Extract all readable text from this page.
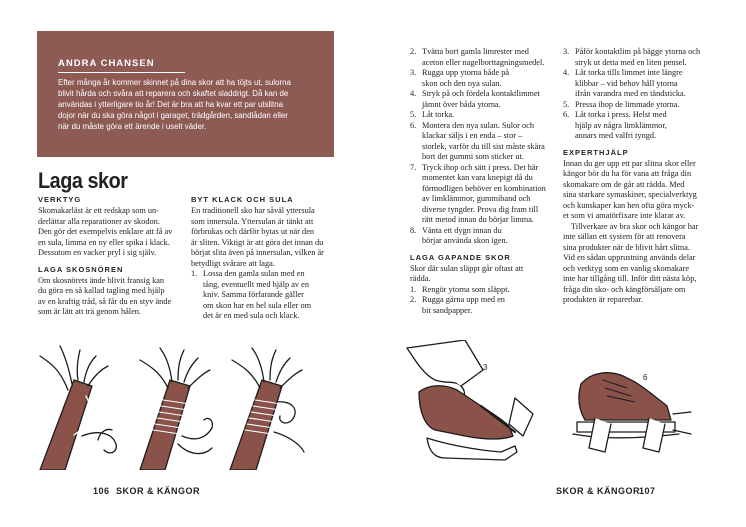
ANDRA CHANSEN
Efter många år kommer skinnet på dina skor att ha töjts ut, sulorna
blivit hårda och svåra att reparera och skaftet sladdrigt. Då kan de
användas i ytterligare tio år! Det är bra att ha kvar ett par utslitna
dojor när du ska göra något i garaget, trädgården, sandlådan eller
när du måste göra ett ärende i uselt väder.
Laga skor
VERKTYG
Skomakarläst är ett redskap som un-
derlättar alla reparationer av skodon.
Den gör det exempelvis enklare att få av
en sula, limma en ny eller spika i klack.
Dessutom en vacker pryl i sig själv.
LAGA SKOSNÖREN
Om skosnörets ände blivit fransig kan
du göra en så kallad tagling med hjälp
av en kraftig tråd, så får du en styv ände
som är lätt att trä genom hålen.
BYT KLACK OCH SULA
En traditionell sko har såväl yttersula
som innersula. Yttersulan är tänkt att
förbrukas och därför bytas ut när den
är sliten. Viktigt är att göra det innan du
börjat slita även på innersulan, vilken är
betydligt svårare att laga.
1. Lossa den gamla sulan med en
tång, eventuellt med hjälp av en
kniv. Samma förfarande gäller
om skon har en hel sula eller om
det är en med sula och klack.
2. Tvätta bort gamla limrester med
aceton eller nagelborttagningsmedel.
3. Rugga upp ytorna både på
skon och den nya sulan.
4. Stryk på och fördela kontaktlimmet
jämnt över båda ytorna.
5. Låt torka.
6. Montera den nya sulan. Sulor och
klackar säljs i en enda – stor –
storlek, varför du till sist måste skära
bort det gummi som sticker ut.
7. Tryck ihop och sätt i press. Det här
momentet kan vara knepigt då du
förmodligen behöver en kombination
av limklämmor, gummiband och
diverse tyngder. Prova dig fram till
rätt metod innan du börjar limma.
8. Vänta ett dygn innan du
börjar använda skon igen.
LAGA GAPANDE SKOR
Skor där sulan släppt går oftast att
rädda.
1. Rengör ytorna som släppt.
2. Rugga gärna upp med en
bit sandpapper.
3. Påför kontaktlim på bägge ytorna och
stryk ut detta med en liten pensel.
4. Låt torka tills limmet inte längre
klibbar – vid behov håll ytorna
ifrån varandra med en tändsticka.
5. Pressa ihop de limmade ytorna.
6. Låt torka i press. Helst med
hjälp av några limklämmor,
annars med valfri tyngd.
EXPERTHJÄLP
Innan du ger upp ett par slitna skor eller
kängor bör du ha för vana att fråga din
skomakare om de går att rädda. Med
sina starkare symaskiner, specialverktyg
och kunskaper kan hen ofta göra myck-
et som vi amatörfixare inte klarar av.
Tillverkare av bra skor och kängor har
inte sällan ett system för att renovera
sina produkter när de blivit hårt slitna.
Vid en sådan upprustning används delar
och verktyg som en vanlig skomakare
inte har tillgång till. Inför ditt nästa köp,
fråga din sko- och kängförsäljare om
produkten är reparerbar.
3
6
106 SKOR & KÄNGOR	SKOR & KÄNGOR
107
